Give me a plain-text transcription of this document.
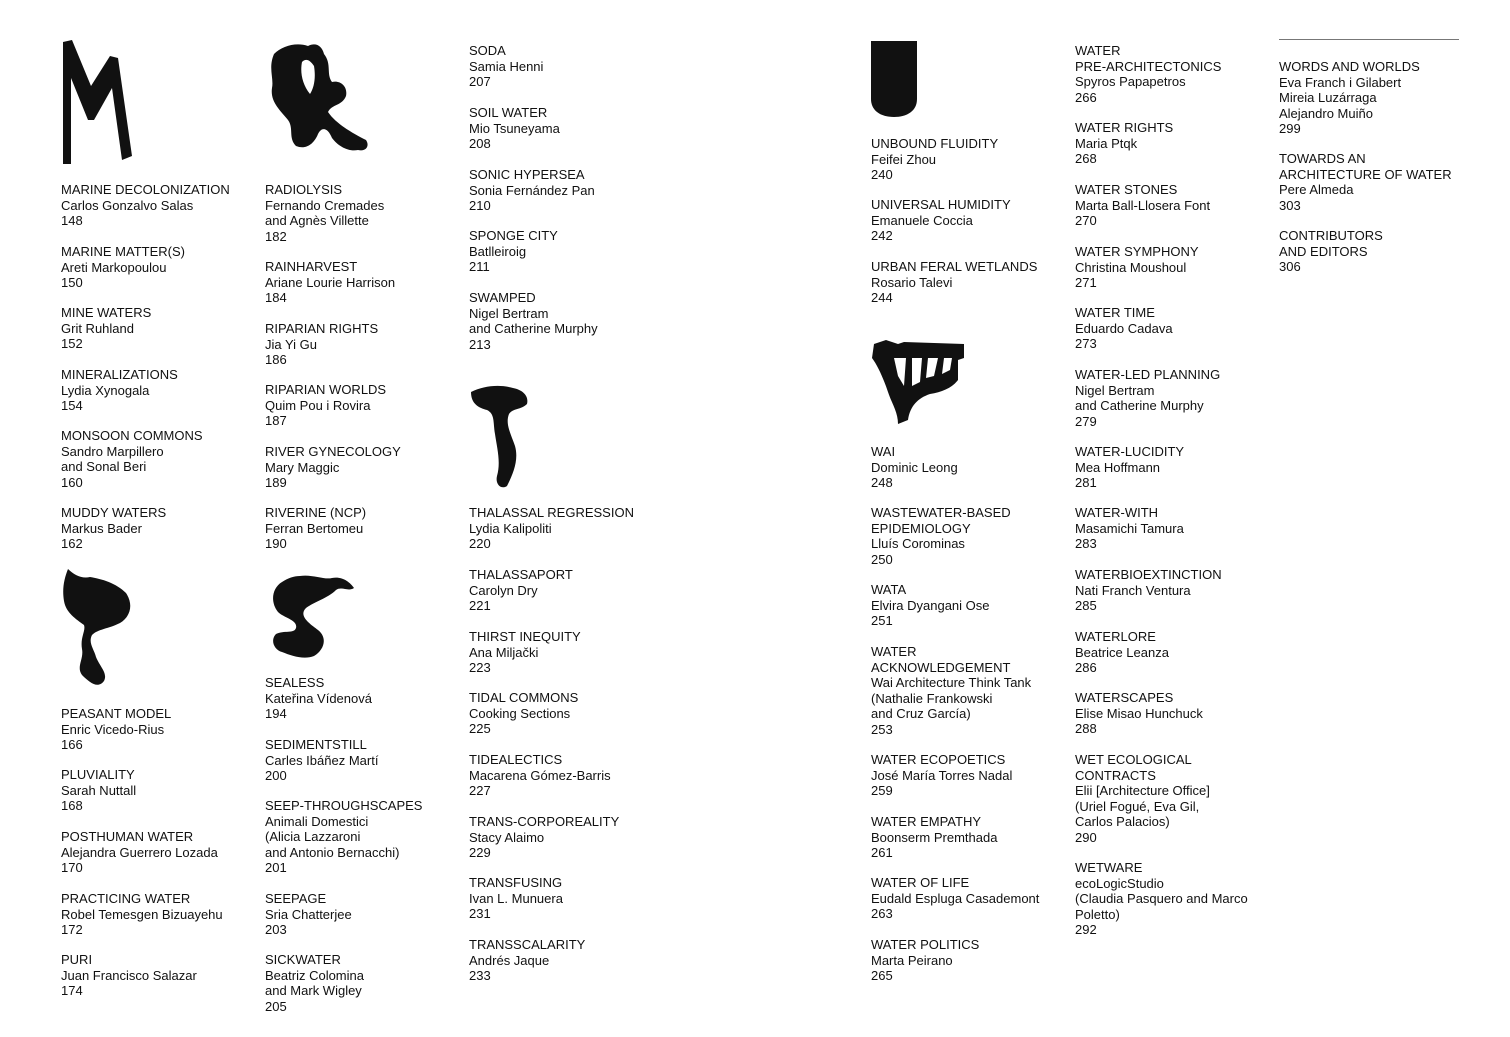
MARINE DECOLONIZATION
Carlos Gonzalvo Salas
148
MARINE MATTER(S)
Areti Markopoulou
150
MINE WATERS
Grit Ruhland
152
MINERALIZATIONS
Lydia Xynogala
154
MONSOON COMMONS
Sandro Marpillero
and Sonal Beri
160
MUDDY WATERS
Markus Bader
162
PEASANT MODEL
Enric Vicedo-Rius
166
PLUVIALITY
Sarah Nuttall
168
POSTHUMAN WATER
Alejandra Guerrero Lozada
170
PRACTICING WATER
Robel Temesgen Bizuayehu
172
PURI
Juan Francisco Salazar
174
RADIOLYSIS
Fernando Cremades
and Agnès Villette
182
RAINHARVEST
Ariane Lourie Harrison
184
RIPARIAN RIGHTS
Jia Yi Gu
186
RIPARIAN WORLDS
Quim Pou i Rovira
187
RIVER GYNECOLOGY
Mary Maggic
189
RIVERINE (NCP)
Ferran Bertomeu
190
SEALESS
Kateřina Vídenová
194
SEDIMENTSTILL
Carles Ibáñez Martí
200
SEEP-THROUGHSCAPES
Animali Domestici
(Alicia Lazzaroni
and Antonio Bernacchi)
201
SEEPAGE
Sria Chatterjee
203
SICKWATER
Beatriz Colomina
and Mark Wigley
205
SODA
Samia Henni
207
SOIL WATER
Mio Tsuneyama
208
SONIC HYPERSEA
Sonia Fernández Pan
210
SPONGE CITY
Batlleiroig
211
SWAMPED
Nigel Bertram
and Catherine Murphy
213
THALASSAL REGRESSION
Lydia Kalipoliti
220
THALASSAPORT
Carolyn Dry
221
THIRST INEQUITY
Ana Miljački
223
TIDAL COMMONS
Cooking Sections
225
TIDEALECTICS
Macarena Gómez-Barris
227
TRANS-CORPOREALITY
Stacy Alaimo
229
TRANSFUSING
Ivan L. Munuera
231
TRANSSCALARITY
Andrés Jaque
233
UNBOUND FLUIDITY
Feifei Zhou
240
UNIVERSAL HUMIDITY
Emanuele Coccia
242
URBAN FERAL WETLANDS
Rosario Talevi
244
WAI
Dominic Leong
248
WASTEWATER-BASED
EPIDEMIOLOGY
Lluís Corominas
250
WATA
Elvira Dyangani Ose
251
WATER
ACKNOWLEDGEMENT
Wai Architecture Think Tank
(Nathalie Frankowski
and Cruz García)
253
WATER ECOPOETICS
José María Torres Nadal
259
WATER EMPATHY
Boonserm Premthada
261
WATER OF LIFE
Eudald Espluga Casademont
263
WATER POLITICS
Marta Peirano
265
WATER
PRE-ARCHITECTONICS
Spyros Papapetros
266
WATER RIGHTS
Maria Ptqk
268
WATER STONES
Marta Ball-Llosera Font
270
WATER SYMPHONY
Christina Moushoul
271
WATER TIME
Eduardo Cadava
273
WATER-LED PLANNING
Nigel Bertram
and Catherine Murphy
279
WATER-LUCIDITY
Mea Hoffmann
281
WATER-WITH
Masamichi Tamura
283
WATERBIOEXTINCTION
Nati Franch Ventura
285
WATERLORE
Beatrice Leanza
286
WATERSCAPES
Elise Misao Hunchuck
288
WET ECOLOGICAL
CONTRACTS
Elii [Architecture Office]
(Uriel Fogué, Eva Gil,
Carlos Palacios)
290
WETWARE
ecoLogicStudio
(Claudia Pasquero and Marco
Poletto)
292
WORDS AND WORLDS
Eva Franch i Gilabert
Mireia Luzárraga
Alejandro Muiño
299
TOWARDS AN
ARCHITECTURE OF WATER
Pere Almeda
303
CONTRIBUTORS
AND EDITORS
306
